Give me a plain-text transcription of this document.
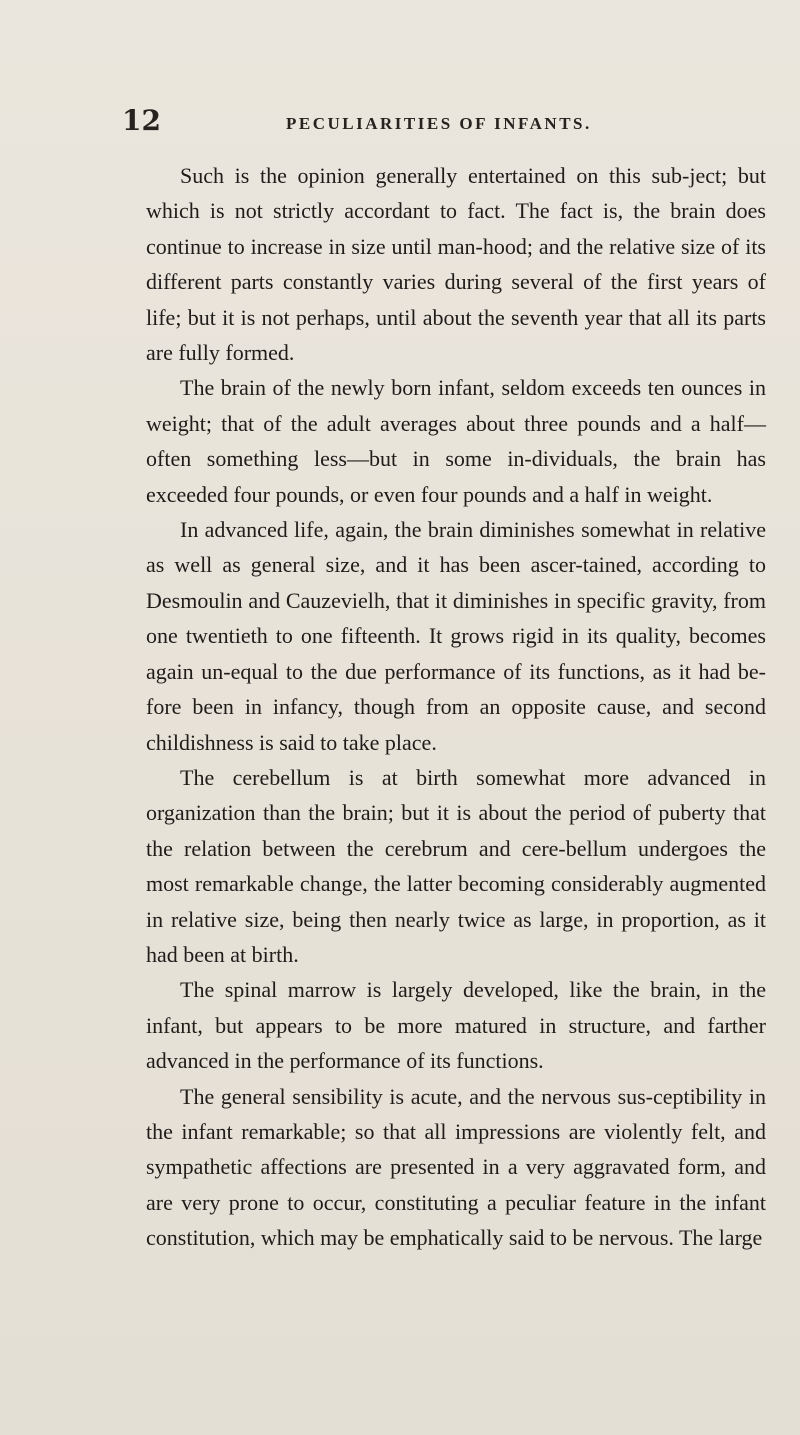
12	PECULIARITIES OF INFANTS.

Such is the opinion generally entertained on this sub-ject; but which is not strictly accordant to fact. The fact is, the brain does continue to increase in size until man-hood; and the relative size of its different parts constantly varies during several of the first years of life; but it is not perhaps, until about the seventh year that all its parts are fully formed.

The brain of the newly born infant, seldom exceeds ten ounces in weight; that of the adult averages about three pounds and a half—often something less—but in some in-dividuals, the brain has exceeded four pounds, or even four pounds and a half in weight.

In advanced life, again, the brain diminishes somewhat in relative as well as general size, and it has been ascer-tained, according to Desmoulin and Cauzevielh, that it diminishes in specific gravity, from one twentieth to one fifteenth. It grows rigid in its quality, becomes again un-equal to the due performance of its functions, as it had be-fore been in infancy, though from an opposite cause, and second childishness is said to take place.

The cerebellum is at birth somewhat more advanced in organization than the brain; but it is about the period of puberty that the relation between the cerebrum and cere-bellum undergoes the most remarkable change, the latter becoming considerably augmented in relative size, being then nearly twice as large, in proportion, as it had been at birth.

The spinal marrow is largely developed, like the brain, in the infant, but appears to be more matured in structure, and farther advanced in the performance of its functions.

The general sensibility is acute, and the nervous sus-ceptibility in the infant remarkable; so that all impressions are violently felt, and sympathetic affections are presented in a very aggravated form, and are very prone to occur, constituting a peculiar feature in the infant constitution, which may be emphatically said to be nervous. The large
